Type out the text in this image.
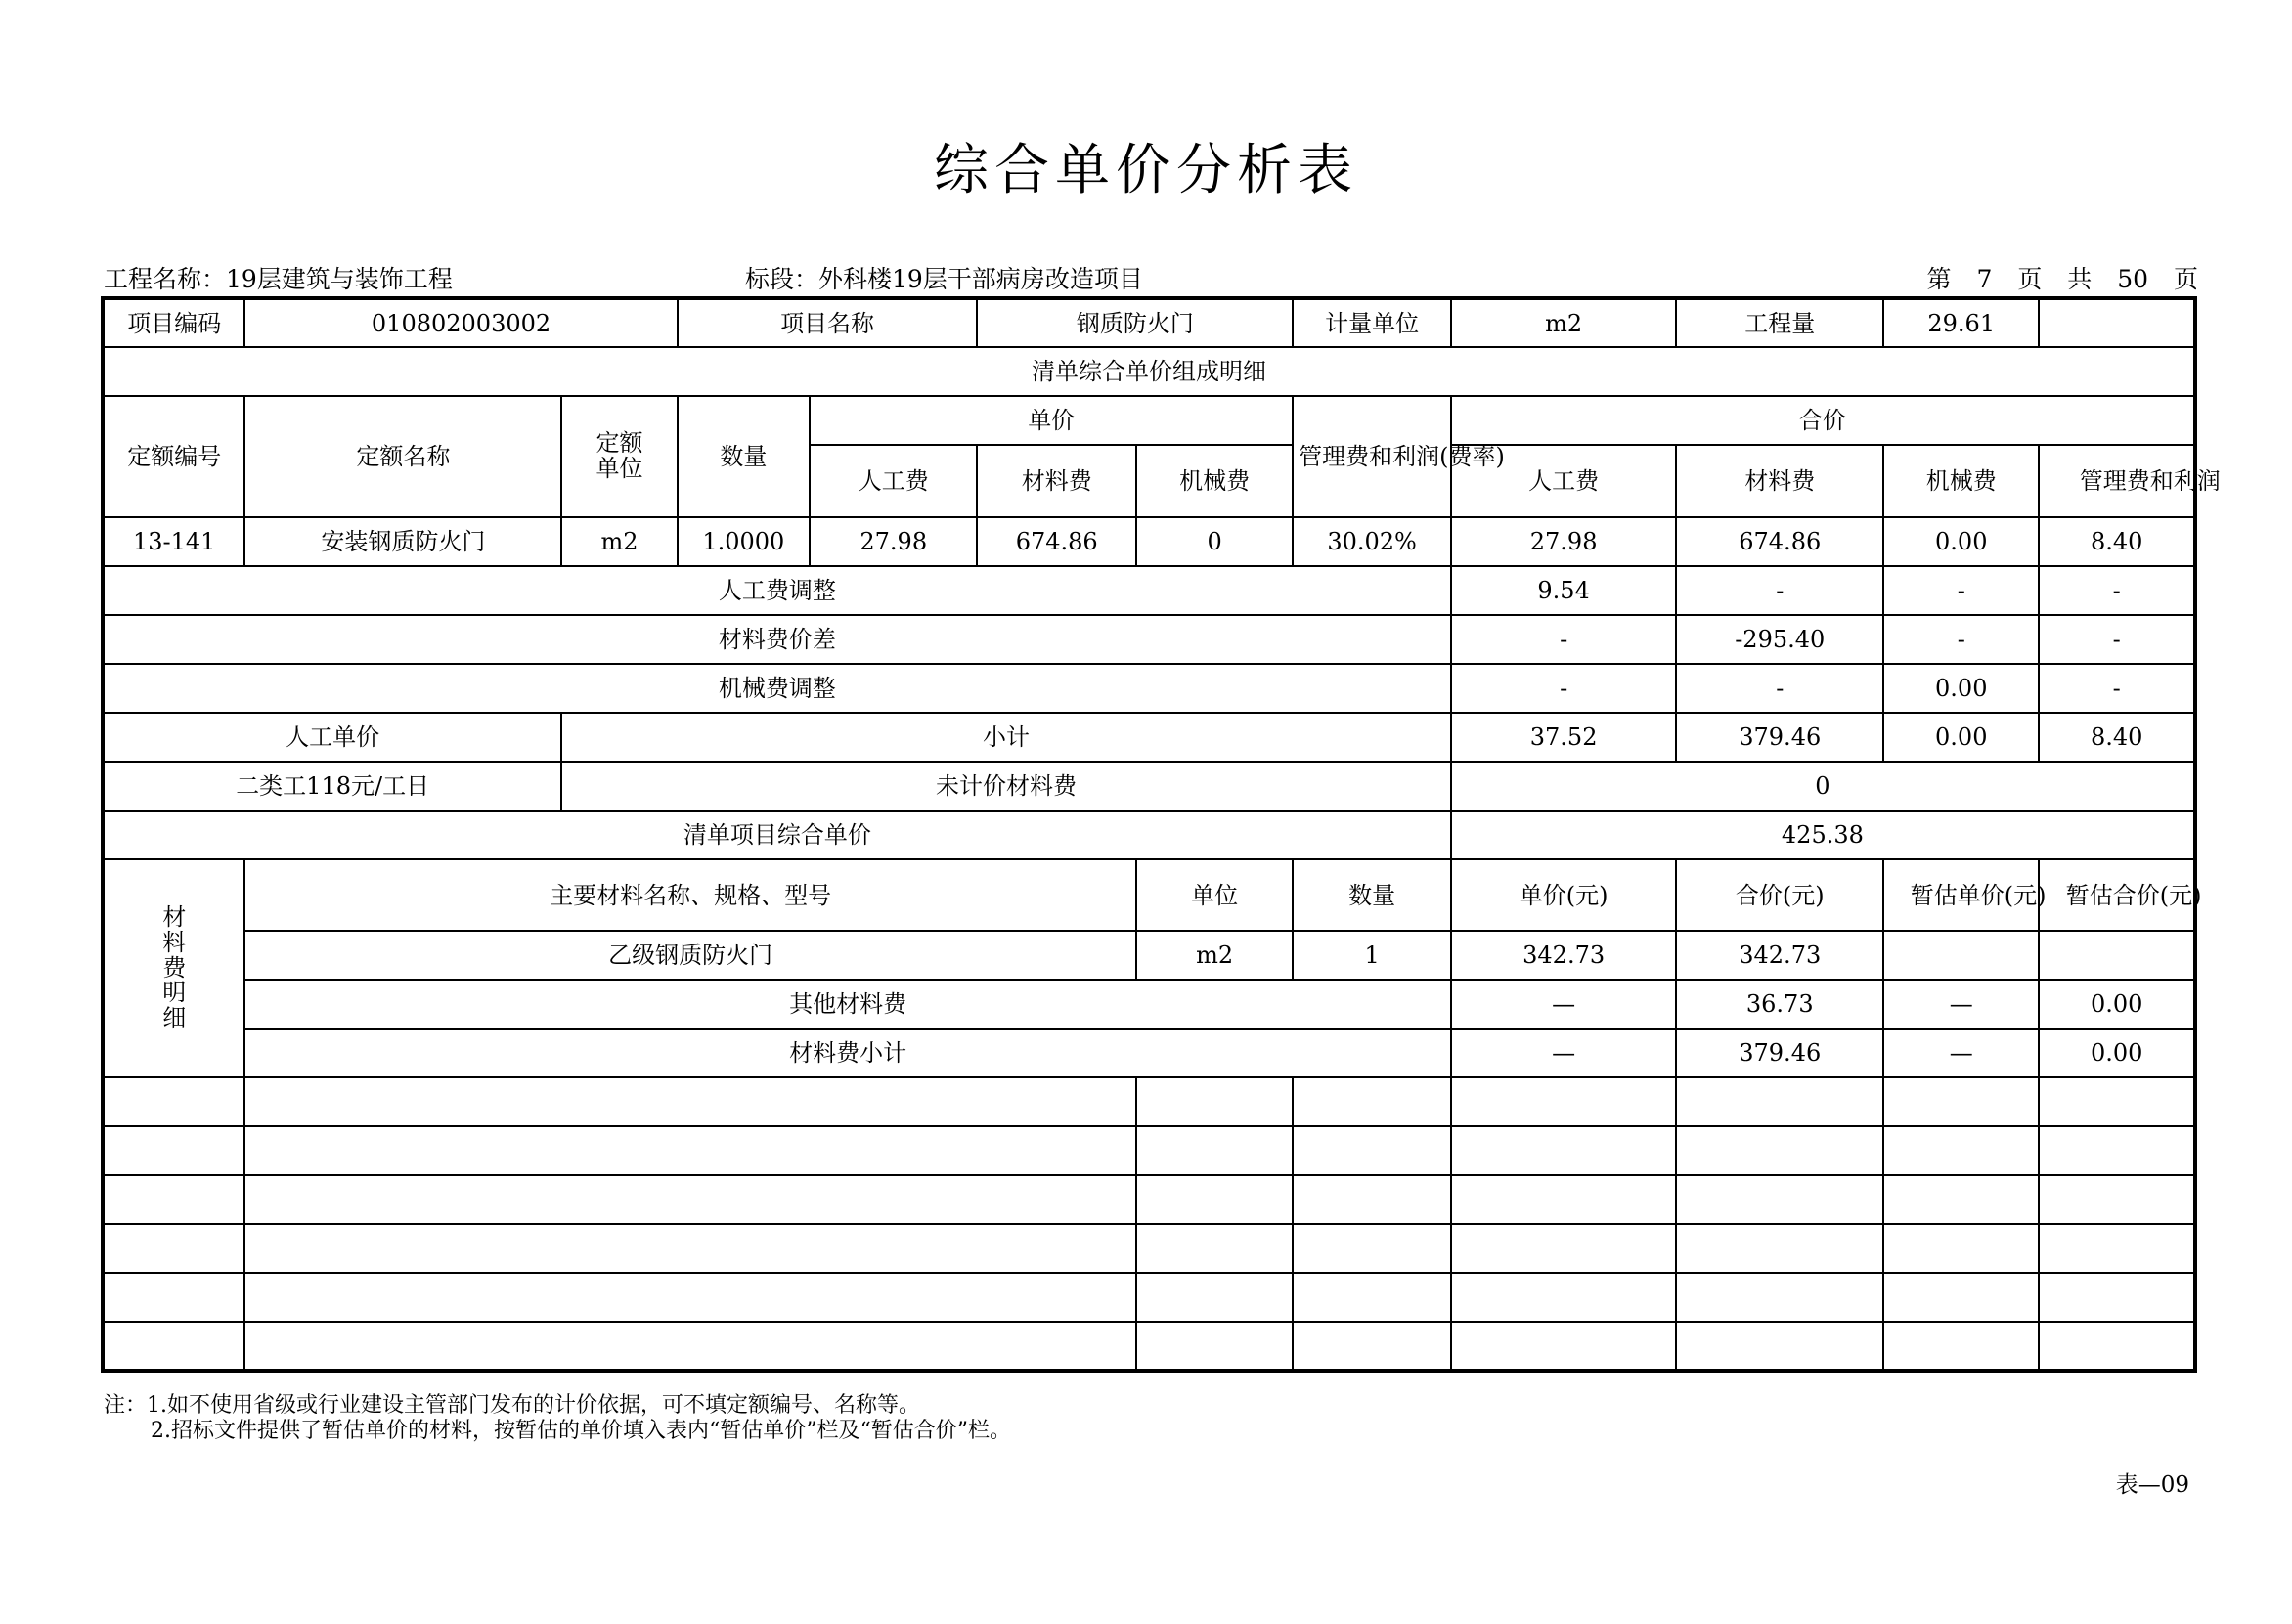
综合单价分析表
工程名称：19层建筑与装饰工程	标段：外科楼19层干部病房改造项目	第 7 页 共 50 页
项目编码	010802003002		项目名称		钢质防火门		计量单位	m2	工程量	29.61	
清单综合单价组成明细											
定额编号	定额名称	定额单位	数量	单价			管理费和利润(费率)	合价			
				人工费	材料费	机械费		人工费	材料费	机械费	管理费和利润
13-141	安装钢质防火门	m2	1.0000	27.98	674.86	0	30.02%	27.98	674.86	0.00	8.40
人工费调整								9.54	-	-	-
材料费价差								-	-295.40	-	-
机械费调整								-	-	0.00	-
人工单价		小计						37.52	379.46	0.00	8.40
二类工118元/工日		未计价材料费						0			
清单项目综合单价								425.38			
材料费明细	主要材料名称、规格、型号					单位	数量	单价(元)	合价(元)	暂估单价(元)	暂估合价(元)
	乙级钢质防火门					m2	1	342.73	342.73		
	其他材料费							—	36.73	—	0.00
	材料费小计							—	379.46	—	0.00

注：1.如不使用省级或行业建设主管部门发布的计价依据，可不填定额编号、名称等。
2.招标文件提供了暂估单价的材料，按暂估的单价填入表内“暂估单价”栏及“暂估合价”栏。
表—09
